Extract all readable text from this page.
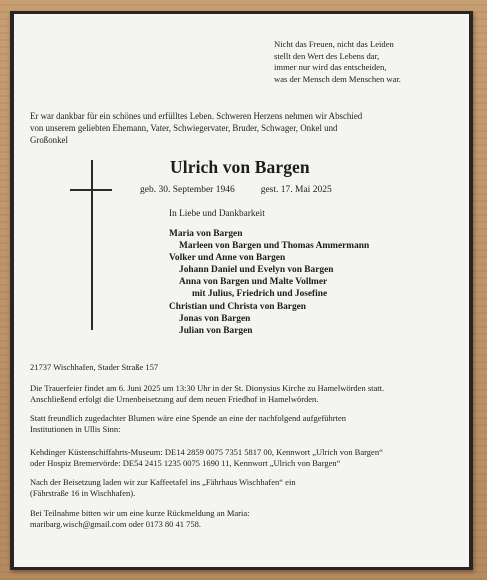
Nicht das Freuen, nicht das Leiden
stellt den Wert des Lebens dar,
immer nur wird das entscheiden,
was der Mensch dem Menschen war.
Er war dankbar für ein schönes und erfülltes Leben. Schweren Herzens nehmen wir Abschied
von unserem geliebten Ehemann, Vater, Schwiegervater, Bruder, Schwager, Onkel und
Großonkel
Ulrich von Bargen
geb. 30. September 1946	gest. 17. Mai 2025
In Liebe und Dankbarkeit
Maria von Bargen
Marleen von Bargen und Thomas Ammermann
Volker und Anne von Bargen
Johann Daniel und Evelyn von Bargen
Anna von Bargen und Malte Vollmer
mit Julius, Friedrich und Josefine
Christian und Christa von Bargen
Jonas von Bargen
Julian von Bargen
21737 Wischhafen, Stader Straße 157
Die Trauerfeier findet am 6. Juni 2025 um 13:30 Uhr in der St. Dionysius Kirche zu Hamelwörden statt.
Anschließend erfolgt die Urnenbeisetzung auf dem neuen Friedhof in Hamelwörden.
Statt freundlich zugedachter Blumen wäre eine Spende an eine der nachfolgend aufgeführten
Institutionen in Ullis Sinn:
Kehdinger Küstenschiffahrts-Museum: DE14 2859 0075 7351 5817 00, Kennwort „Ulrich von Bargen“
oder Hospiz Bremervörde: DE54 2415 1235 0075 1690 11, Kennwort „Ulrich von Bargen“
Nach der Beisetzung laden wir zur Kaffeetafel ins „Fährhaus Wischhafen“ ein
(Fährstraße 16 in Wischhafen).
Bei Teilnahme bitten wir um eine kurze Rückmeldung an Maria:
maribarg.wisch@gmail.com oder 0173 80 41 758.
